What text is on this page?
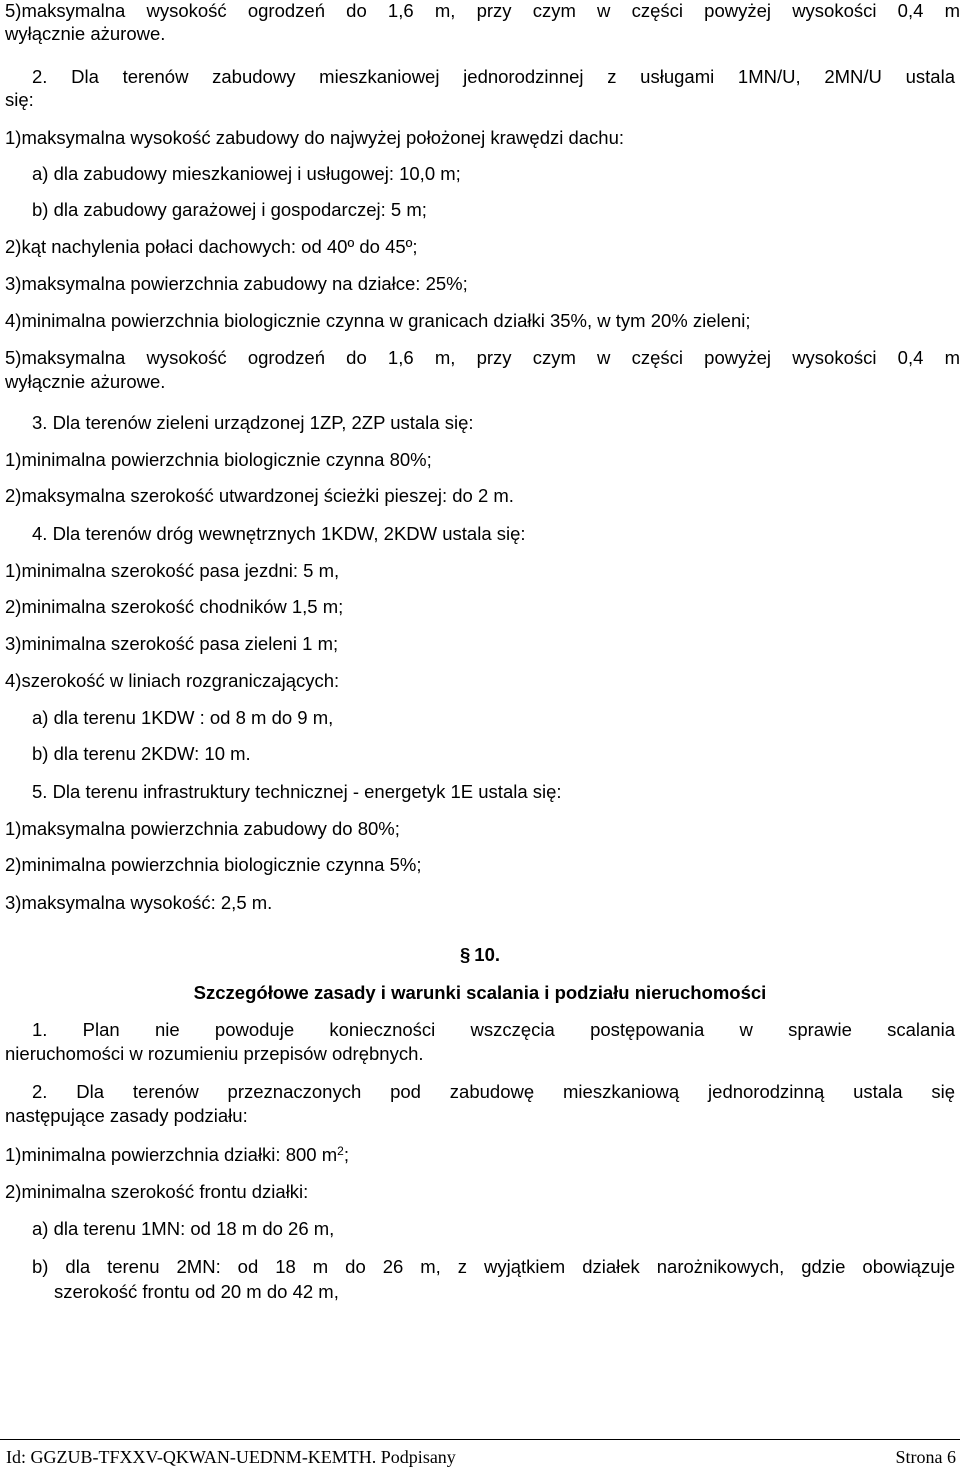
5)maksymalna wysokość ogrodzeń do 1,6 m, przy czym w części powyżej wysokości 0,4 m

wyłącznie ażurowe.

2. Dla terenów zabudowy mieszkaniowej jednorodzinnej z usługami 1MN/U, 2MN/U ustala

się:

1)maksymalna wysokość zabudowy do najwyżej położonej krawędzi dachu:

a) dla zabudowy mieszkaniowej i usługowej: 10,0 m;

b) dla zabudowy garażowej i gospodarczej: 5 m;

2)kąt nachylenia połaci dachowych: od 40º do 45º;

3)maksymalna powierzchnia zabudowy na działce: 25%;

4)minimalna powierzchnia biologicznie czynna w granicach działki 35%, w tym 20% zieleni;

5)maksymalna wysokość ogrodzeń do 1,6 m, przy czym w części powyżej wysokości 0,4 m

wyłącznie ażurowe.

3. Dla terenów zieleni urządzonej 1ZP, 2ZP ustala się:

1)minimalna powierzchnia biologicznie czynna 80%;

2)maksymalna szerokość utwardzonej ścieżki pieszej: do 2 m.

4. Dla terenów dróg wewnętrznych 1KDW, 2KDW ustala się:

1)minimalna szerokość pasa jezdni: 5 m,

2)minimalna szerokość chodników 1,5 m;

3)minimalna szerokość pasa zieleni 1 m;

4)szerokość w liniach rozgraniczających:

a) dla terenu 1KDW : od 8 m do 9 m,

b) dla terenu 2KDW: 10 m.

5. Dla terenu infrastruktury technicznej - energetyk 1E ustala się:

1)maksymalna powierzchnia zabudowy do 80%;

2)minimalna powierzchnia biologicznie czynna 5%;

3)maksymalna wysokość: 2,5 m.

§ 10.
Szczegółowe zasady i warunki scalania i podziału nieruchomości

1. Plan nie powoduje konieczności wszczęcia postępowania w sprawie scalania

nieruchomości w rozumieniu przepisów odrębnych.

2. Dla terenów przeznaczonych pod zabudowę mieszkaniową jednorodzinną ustala się

następujące zasady podziału:

1)minimalna powierzchnia działki: 800 $m^2$;

2)minimalna szerokość frontu działki:

a) dla terenu 1MN: od 18 m do 26 m,

b) dla terenu 2MN: od 18 m do 26 m, z wyjątkiem działek narożnikowych, gdzie obowiązuje

szerokość frontu od 20 m do 42 m,

Id: GGZUB-TFXXV-QKWAN-UEDNM-KEMTH. Podpisany	Strona 6
